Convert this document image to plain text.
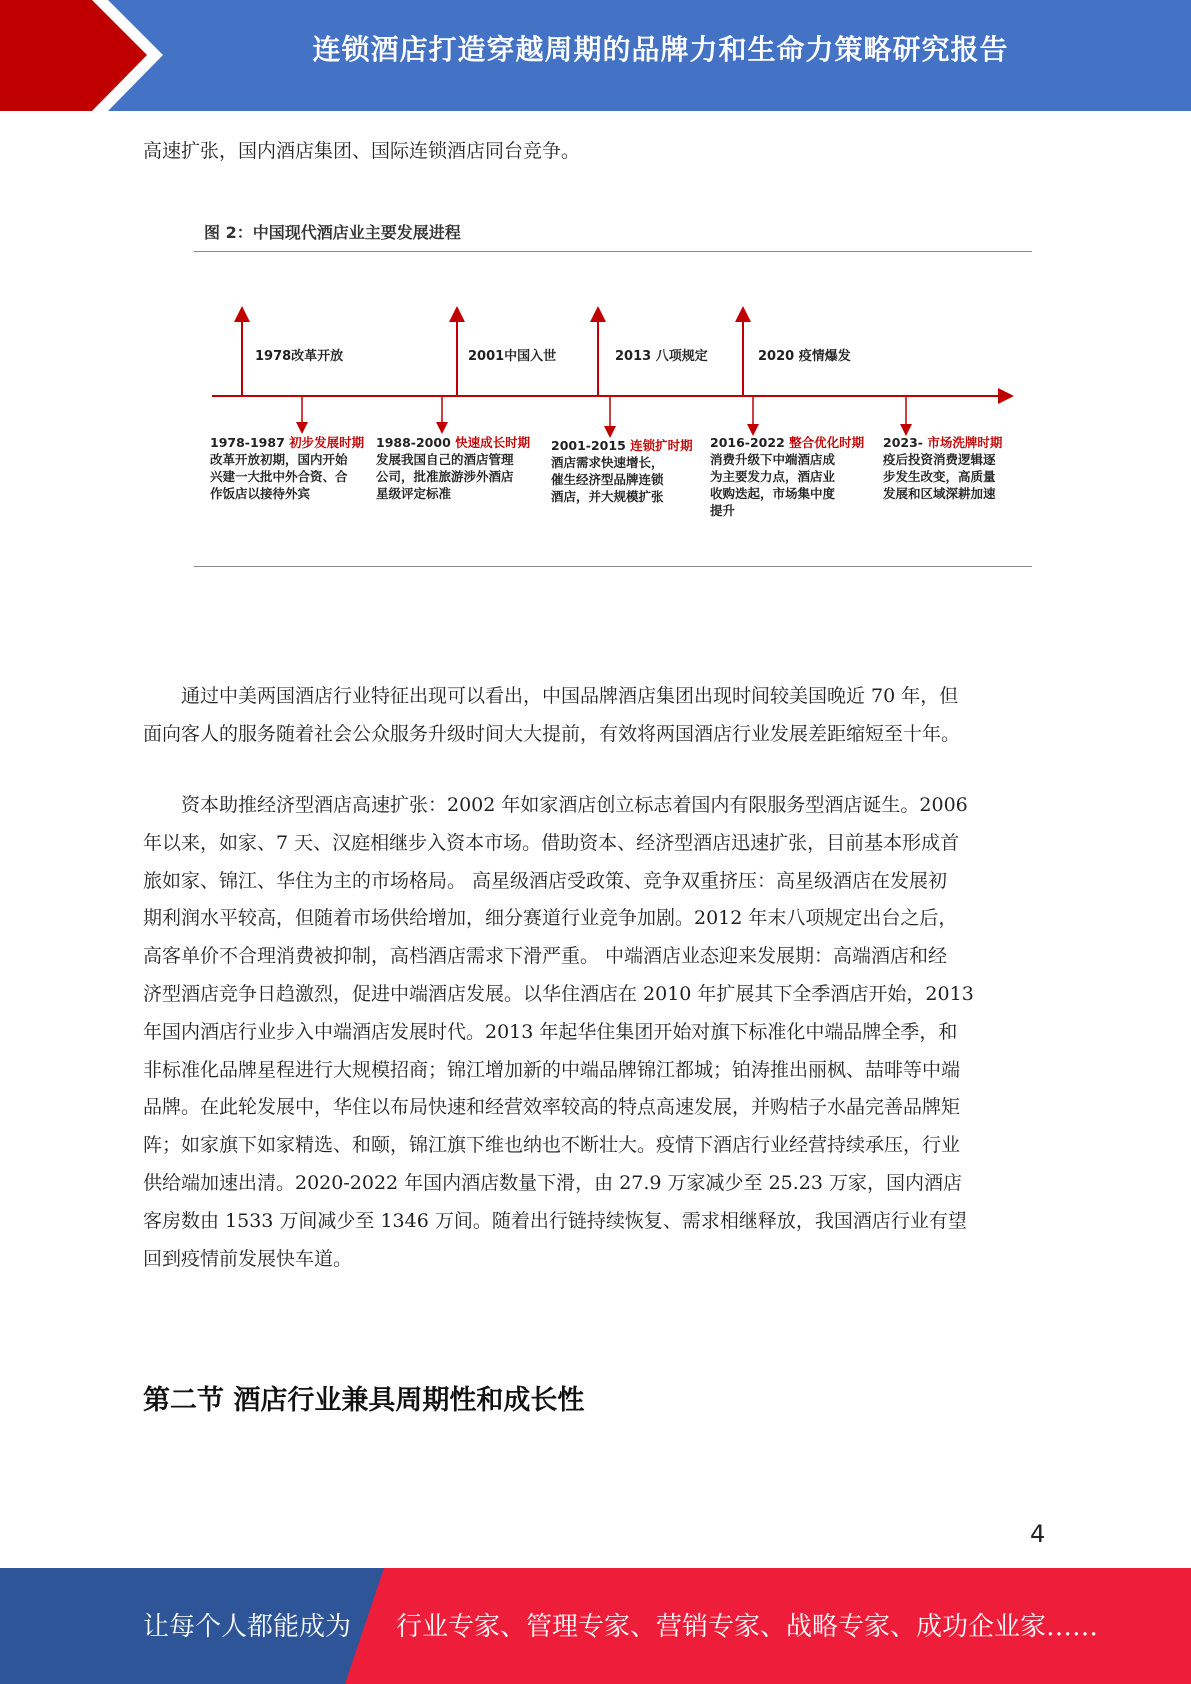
连锁酒店打造穿越周期的品牌力和生命力策略研究报告

高速扩张，国内酒店集团、国际连锁酒店同台竞争。

图 2：中国现代酒店业主要发展进程
1978改革开放	2001中国入世	2013 八项规定	2020 疫情爆发
1978-1987 初步发展时期
改革开放初期，国内开始
兴建一大批中外合资、合
作饭店以接待外宾
1988-2000 快速成长时期
发展我国自己的酒店管理
公司，批准旅游涉外酒店
星级评定标准
2001-2015 连锁扩时期
酒店需求快速增长，
催生经济型品牌连锁
酒店，并大规模扩张
2016-2022 整合优化时期
消费升级下中端酒店成
为主要发力点，酒店业
收购迭起，市场集中度
提升
2023- 市场洗牌时期
疫后投资消费逻辑逐
步发生改变，高质量
发展和区域深耕加速

　　通过中美两国酒店行业特征出现可以看出，中国品牌酒店集团出现时间较美国晚近 70 年，但

面向客人的服务随着社会公众服务升级时间大大提前，有效将两国酒店行业发展差距缩短至十年。

　　资本助推经济型酒店高速扩张：2002 年如家酒店创立标志着国内有限服务型酒店诞生。2006

年以来，如家、7 天、汉庭相继步入资本市场。借助资本、经济型酒店迅速扩张，目前基本形成首

旅如家、锦江、华住为主的市场格局。 高星级酒店受政策、竞争双重挤压：高星级酒店在发展初

期利润水平较高，但随着市场供给增加，细分赛道行业竞争加剧。2012 年末八项规定出台之后，

高客单价不合理消费被抑制，高档酒店需求下滑严重。 中端酒店业态迎来发展期：高端酒店和经

济型酒店竞争日趋激烈，促进中端酒店发展。以华住酒店在 2010 年扩展其下全季酒店开始，2013

年国内酒店行业步入中端酒店发展时代。2013 年起华住集团开始对旗下标准化中端品牌全季，和

非标准化品牌星程进行大规模招商；锦江增加新的中端品牌锦江都城；铂涛推出丽枫、喆啡等中端

品牌。在此轮发展中，华住以布局快速和经营效率较高的特点高速发展，并购桔子水晶完善品牌矩

阵；如家旗下如家精选、和颐，锦江旗下维也纳也不断壮大。疫情下酒店行业经营持续承压，行业

供给端加速出清。2020-2022 年国内酒店数量下滑，由 27.9 万家减少至 25.23 万家，国内酒店

客房数由 1533 万间减少至 1346 万间。随着出行链持续恢复、需求相继释放，我国酒店行业有望

回到疫情前发展快车道。

第二节 酒店行业兼具周期性和成长性
4
让每个人都能成为 行业专家、管理专家、营销专家、战略专家、成功企业家……
